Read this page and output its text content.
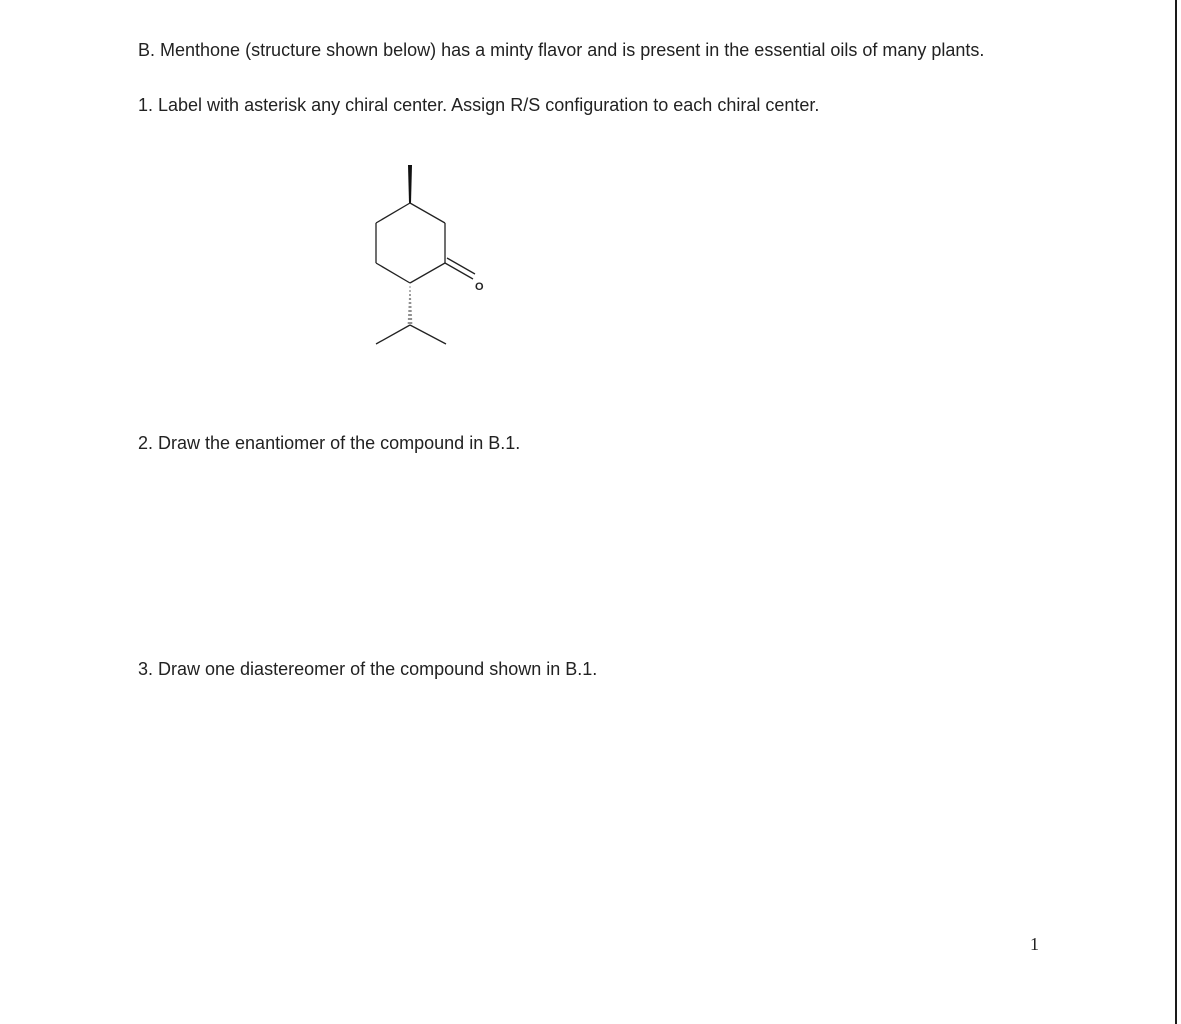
B. Menthone (structure shown below) has a minty flavor and is present in the essential oils of many plants.

1. Label with asterisk any chiral center. Assign R/S configuration to each chiral center.

O

2. Draw the enantiomer of the compound in B.1.

3. Draw one diastereomer of the compound shown in B.1.

1
